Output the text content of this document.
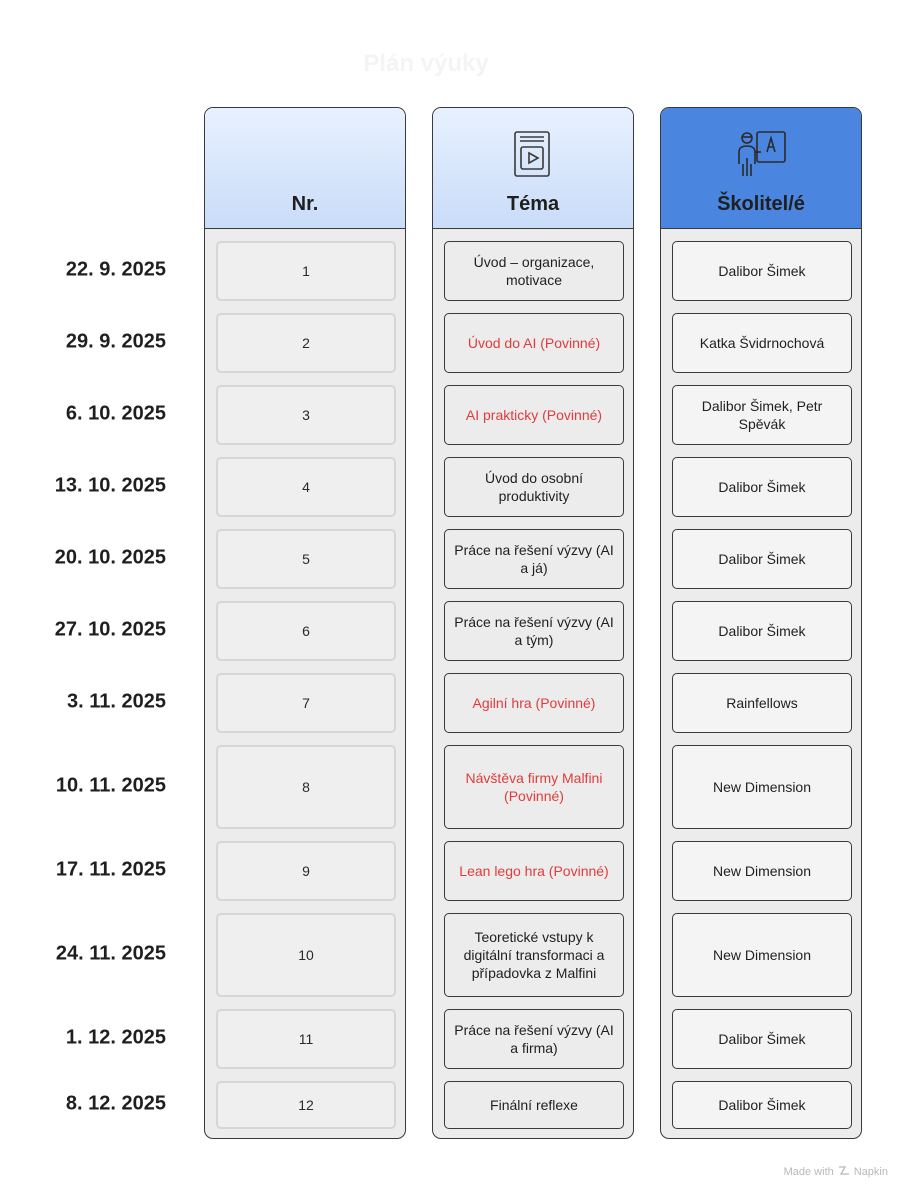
Plán výuky
22. 9. 2025
29. 9. 2025
6. 10. 2025
13. 10. 2025
20. 10. 2025
27. 10. 2025
3. 11. 2025
10. 11. 2025
17. 11. 2025
24. 11. 2025
1. 12. 2025
8. 12. 2025
Nr.
1
2
3
4
5
6
7
8
9
10
11
12
Téma
Úvod – organizace, motivace
Úvod do AI (Povinné)
AI prakticky (Povinné)
Úvod do osobní produktivity
Práce na řešení výzvy (AI a já)
Práce na řešení výzvy (AI a tým)
Agilní hra (Povinné)
Návštěva firmy Malfini (Povinné)
Lean lego hra (Povinné)
Teoretické vstupy k digitální transformaci a případovka z Malfini
Práce na řešení výzvy (AI a firma)
Finální reflexe
Školitel/é
Dalibor Šimek
Katka Švidrnochová
Dalibor Šimek, Petr Spěvák
Dalibor Šimek
Dalibor Šimek
Dalibor Šimek
Rainfellows
New Dimension
New Dimension
New Dimension
Dalibor Šimek
Dalibor Šimek
Made with Napkin
